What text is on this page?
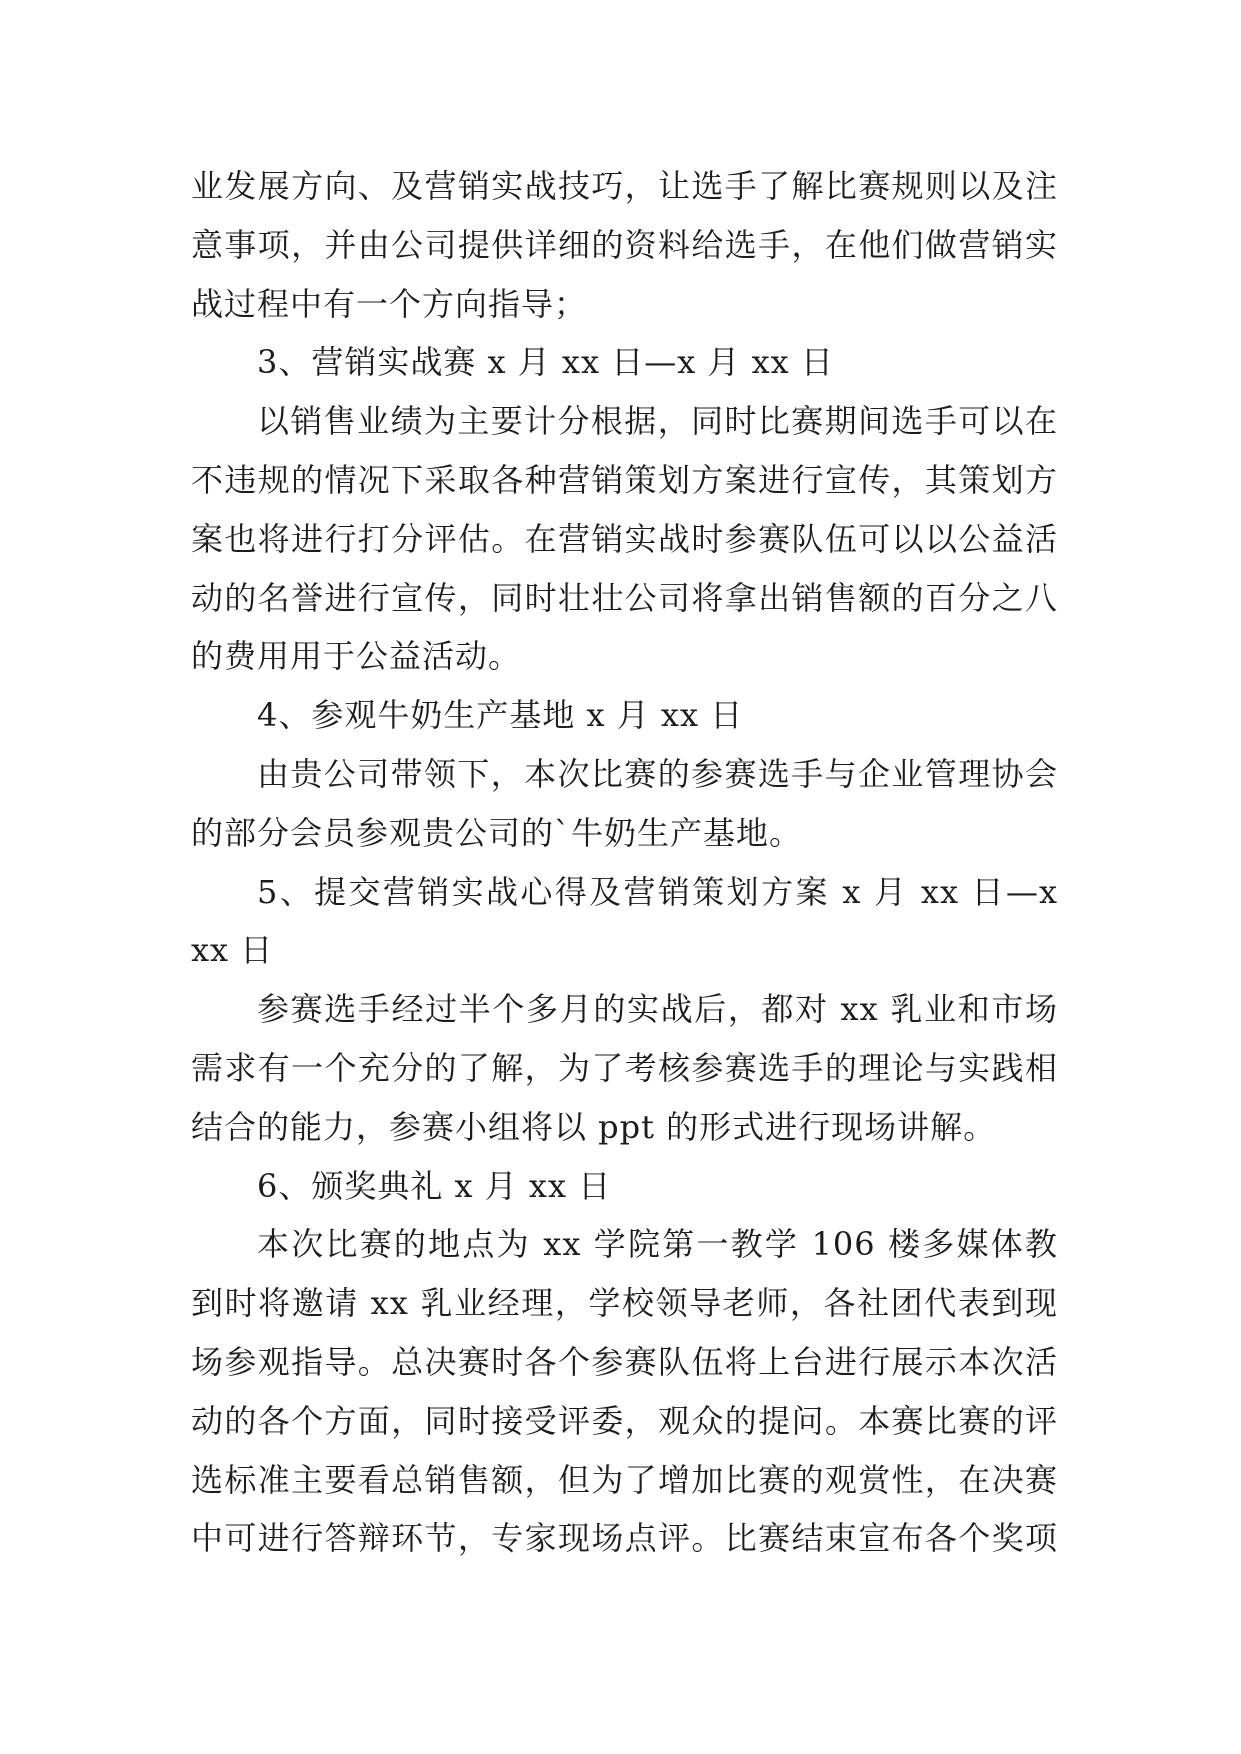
业发展方向、及营销实战技巧，让选手了解比赛规则以及注
意事项，并由公司提供详细的资料给选手，在他们做营销实
战过程中有一个方向指导；
3、营销实战赛 x 月 xx 日—x 月 xx 日
以销售业绩为主要计分根据，同时比赛期间选手可以在
不违规的情况下采取各种营销策划方案进行宣传，其策划方
案也将进行打分评估。在营销实战时参赛队伍可以以公益活
动的名誉进行宣传，同时壮壮公司将拿出销售额的百分之八
的费用用于公益活动。
4、参观牛奶生产基地 x 月 xx 日
由贵公司带领下，本次比赛的参赛选手与企业管理协会
的部分会员参观贵公司的`牛奶生产基地。
5、提交营销实战心得及营销策划方案 x 月 xx 日—x
xx 日
参赛选手经过半个多月的实战后，都对 xx 乳业和市场
需求有一个充分的了解，为了考核参赛选手的理论与实践相
结合的能力，参赛小组将以 ppt 的形式进行现场讲解。
6、颁奖典礼 x 月 xx 日
本次比赛的地点为 xx 学院第一教学 106 楼多媒体教
到时将邀请 xx 乳业经理，学校领导老师，各社团代表到现
场参观指导。总决赛时各个参赛队伍将上台进行展示本次活
动的各个方面，同时接受评委，观众的提问。本赛比赛的评
选标准主要看总销售额，但为了增加比赛的观赏性，在决赛
中可进行答辩环节，专家现场点评。比赛结束宣布各个奖项
